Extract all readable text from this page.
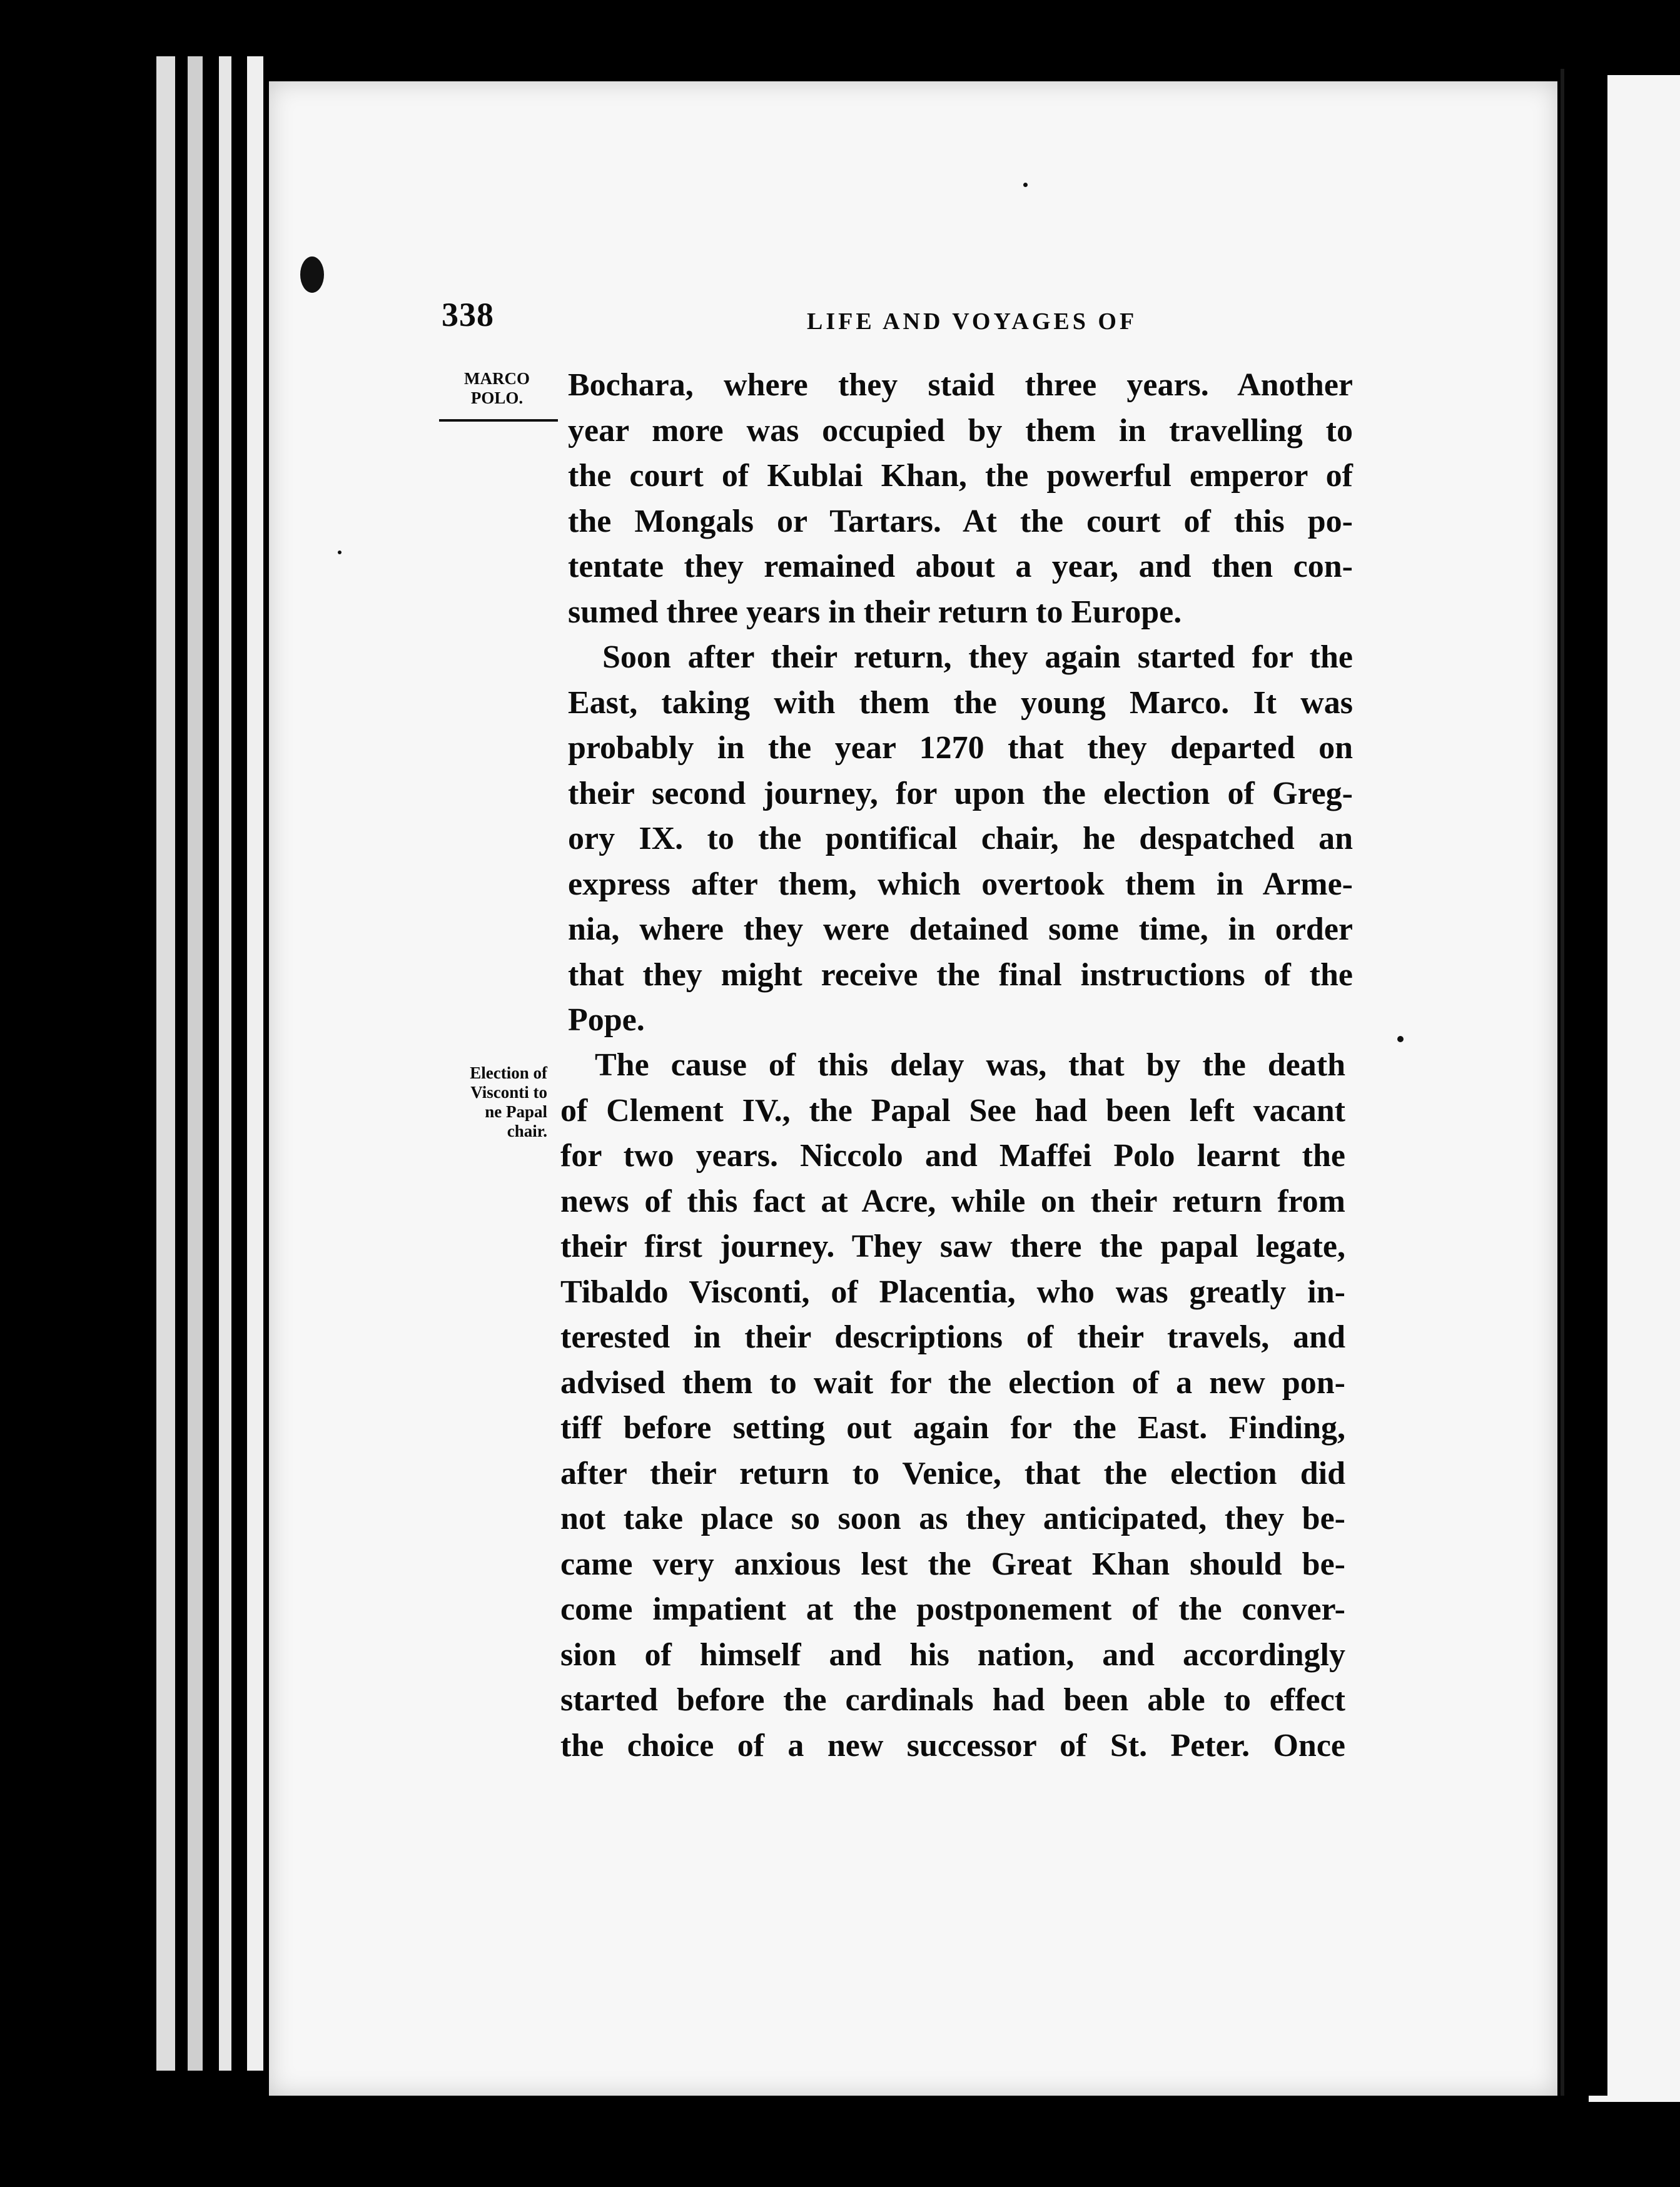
338	LIFE AND VOYAGES OF
MARCO
POLO.
Election of
Visconti to
ne Papal
chair.
Bochara, where they staid three years. Another
year more was occupied by them in travelling to
the court of Kublai Khan, the powerful emperor of
the Mongals or Tartars. At the court of this po-
tentate they remained about a year, and then con-
sumed three years in their return to Europe.
Soon after their return, they again started for the
East, taking with them the young Marco. It was
probably in the year 1270 that they departed on
their second journey, for upon the election of Greg-
ory IX. to the pontifical chair, he despatched an
express after them, which overtook them in Arme-
nia, where they were detained some time, in order
that they might receive the final instructions of the
Pope.
The cause of this delay was, that by the death
of Clement IV., the Papal See had been left vacant
for two years. Niccolo and Maffei Polo learnt the
news of this fact at Acre, while on their return from
their first journey. They saw there the papal legate,
Tibaldo Visconti, of Placentia, who was greatly in-
terested in their descriptions of their travels, and
advised them to wait for the election of a new pon-
tiff before setting out again for the East. Finding,
after their return to Venice, that the election did
not take place so soon as they anticipated, they be-
came very anxious lest the Great Khan should be-
come impatient at the postponement of the conver-
sion of himself and his nation, and accordingly
started before the cardinals had been able to effect
the choice of a new successor of St. Peter. Once
